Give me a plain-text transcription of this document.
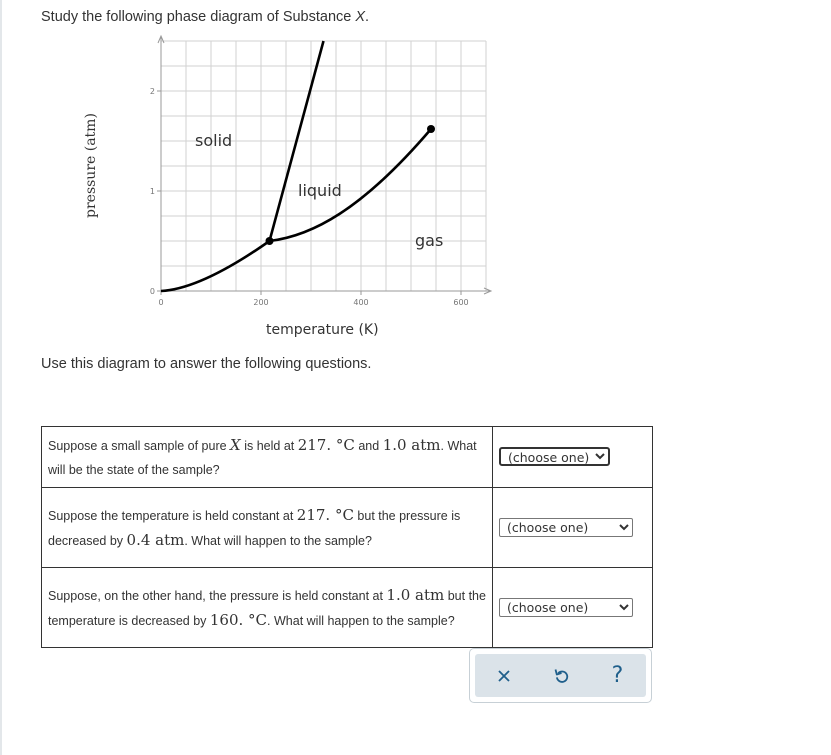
Study the following phase diagram of Substance X.
0	200	400	600
0
1
2
solid
liquid
gas
temperature (K)
pressure (atm)
Use this diagram to answer the following questions.
Suppose a small sample of pure X is held at 217. °C and 1.0 atm. What will be the state of the sample?	
(choose one)
Suppose the temperature is held constant at 217. °C but the pressure is decreased by 0.4 atm. What will happen to the sample?	
(choose one)
Suppose, on the other hand, the pressure is held constant at 1.0 atm but the temperature is decreased by 160. °C. What will happen to the sample?	
(choose one)
?
